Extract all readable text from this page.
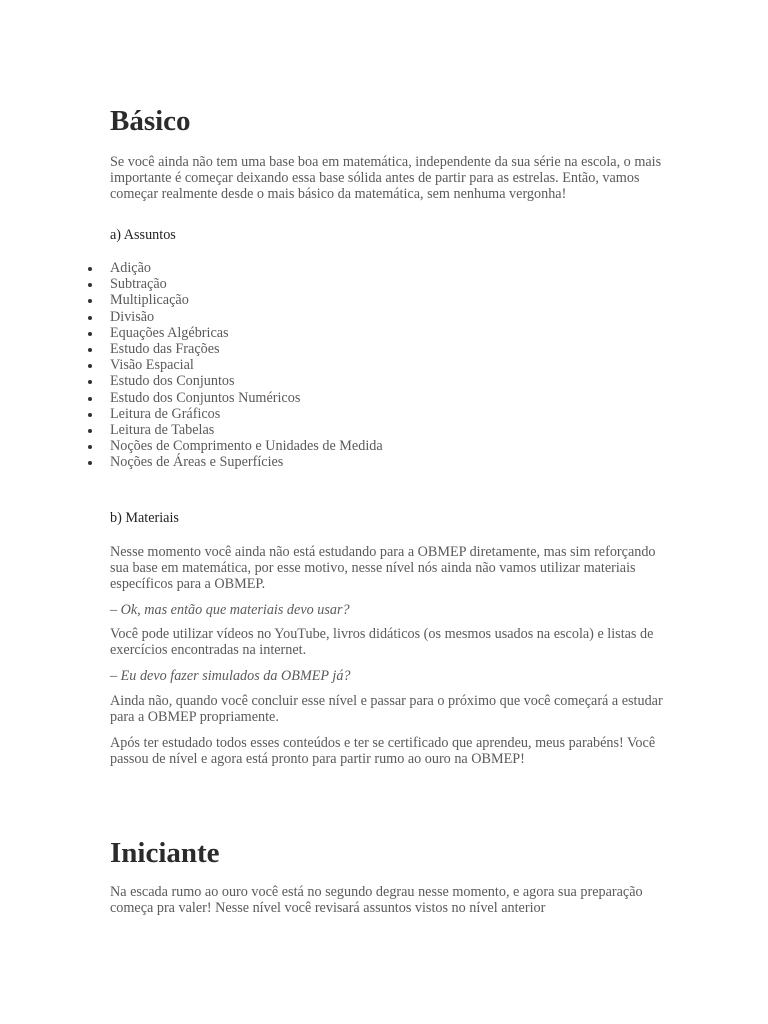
Básico

Se você ainda não tem uma base boa em matemática, independente da sua série na escola, o mais importante é começar deixando essa base sólida antes de partir para as estrelas. Então, vamos começar realmente desde o mais básico da matemática, sem nenhuma vergonha!

a) Assuntos

Adição
Subtração
Multiplicação
Divisão
Equações Algébricas
Estudo das Frações
Visão Espacial
Estudo dos Conjuntos
Estudo dos Conjuntos Numéricos
Leitura de Gráficos
Leitura de Tabelas
Noções de Comprimento e Unidades de Medida
Noções de Áreas e Superfícies

b) Materiais

Nesse momento você ainda não está estudando para a OBMEP diretamente, mas sim reforçando sua base em matemática, por esse motivo, nesse nível nós ainda não vamos utilizar materiais específicos para a OBMEP.

– Ok, mas então que materiais devo usar?

Você pode utilizar vídeos no YouTube, livros didáticos (os mesmos usados na escola) e listas de exercícios encontradas na internet.

– Eu devo fazer simulados da OBMEP já?

Ainda não, quando você concluir esse nível e passar para o próximo que você começará a estudar para a OBMEP propriamente.

Após ter estudado todos esses conteúdos e ter se certificado que aprendeu, meus parabéns! Você passou de nível e agora está pronto para partir rumo ao ouro na OBMEP!

Iniciante

Na escada rumo ao ouro você está no segundo degrau nesse momento, e agora sua preparação começa pra valer! Nesse nível você revisará assuntos vistos no nível anterior
